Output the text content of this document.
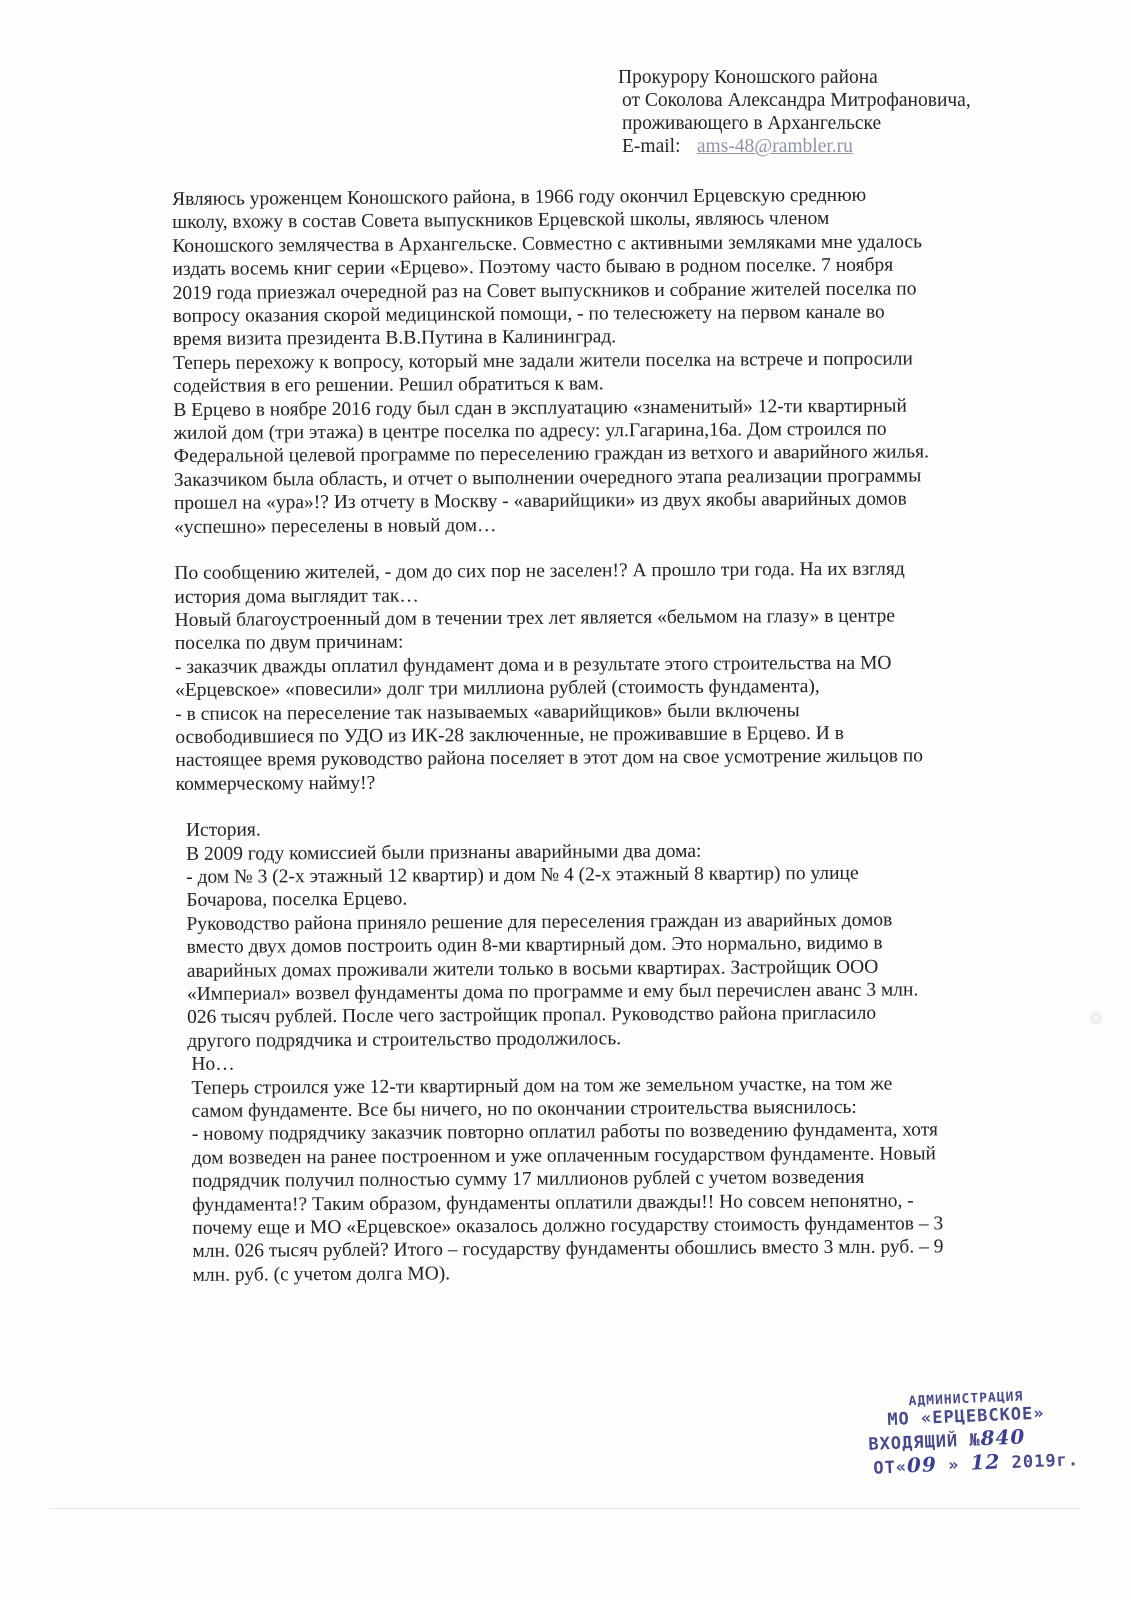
Прокурору Коношского района
от Соколова Александра Митрофановича,
проживающего в Архангельске
E-mail: ams-48@rambler.ru

Являюсь уроженцем Коношского района, в 1966 году окончил Ерцевскую среднюю

школу, вхожу в состав Совета выпускников Ерцевской школы, являюсь членом

Коношского землячества в Архангельске. Совместно с активными земляками мне удалось

издать восемь книг серии «Ерцево». Поэтому часто бываю в родном поселке. 7 ноября

2019 года приезжал очередной раз на Совет выпускников и собрание жителей поселка по

вопросу оказания скорой медицинской помощи, - по телесюжету на первом канале во

время визита президента В.В.Путина в Калининград.

Теперь перехожу к вопросу, который мне задали жители поселка на встрече и попросили

содействия в его решении. Решил обратиться к вам.

В Ерцево в ноябре 2016 году был сдан в эксплуатацию «знаменитый» 12-ти квартирный

жилой дом (три этажа) в центре поселка по адресу: ул.Гагарина,16а. Дом строился по

Федеральной целевой программе по переселению граждан из ветхого и аварийного жилья.

Заказчиком была область, и отчет о выполнении очередного этапа реализации программы

прошел на «ура»!? Из отчету в Москву - «аварийщики» из двух якобы аварийных домов

«успешно» переселены в новый дом…

По сообщению жителей, - дом до сих пор не заселен!? А прошло три года. На их взгляд

история дома выглядит так…

Новый благоустроенный дом в течении трех лет является «бельмом на глазу» в центре

поселка по двум причинам:

- заказчик дважды оплатил фундамент дома и в результате этого строительства на МО

«Ерцевское» «повесили» долг три миллиона рублей (стоимость фундамента),

- в список на переселение так называемых «аварийщиков» были включены

освободившиеся по УДО из ИК-28 заключенные, не проживавшие в Ерцево. И в

настоящее время руководство района поселяет в этот дом на свое усмотрение жильцов по

коммерческому найму!?

История.

В 2009 году комиссией были признаны аварийными два дома:

- дом № 3 (2-х этажный 12 квартир) и дом № 4 (2-х этажный 8 квартир) по улице

Бочарова, поселка Ерцево.

Руководство района приняло решение для переселения граждан из аварийных домов

вместо двух домов построить один 8-ми квартирный дом. Это нормально, видимо в

аварийных домах проживали жители только в восьми квартирах. Застройщик ООО

«Империал» возвел фундаменты дома по программе и ему был перечислен аванс 3 млн.

026 тысяч рублей. После чего застройщик пропал. Руководство района пригласило

другого подрядчика и строительство продолжилось.

Но…

Теперь строился уже 12-ти квартирный дом на том же земельном участке, на том же

самом фундаменте. Все бы ничего, но по окончании строительства выяснилось:

- новому подрядчику заказчик повторно оплатил работы по возведению фундамента, хотя

дом возведен на ранее построенном и уже оплаченным государством фундаменте. Новый

подрядчик получил полностью сумму 17 миллионов рублей с учетом возведения

фундамента!? Таким образом, фундаменты оплатили дважды!! Но совсем непонятно, -

почему еще и МО «Ерцевское» оказалось должно государству стоимость фундаментов – 3

млн. 026 тысяч рублей? Итого – государству фундаменты обошлись вместо 3 млн. руб. – 9

млн. руб. (с учетом долга МО).

АДМИНИСТРАЦИЯ
МО «ЕРЦЕВСКОЕ»
ВХОДЯЩИЙ №840
ОТ«09 » 12 2019г.
